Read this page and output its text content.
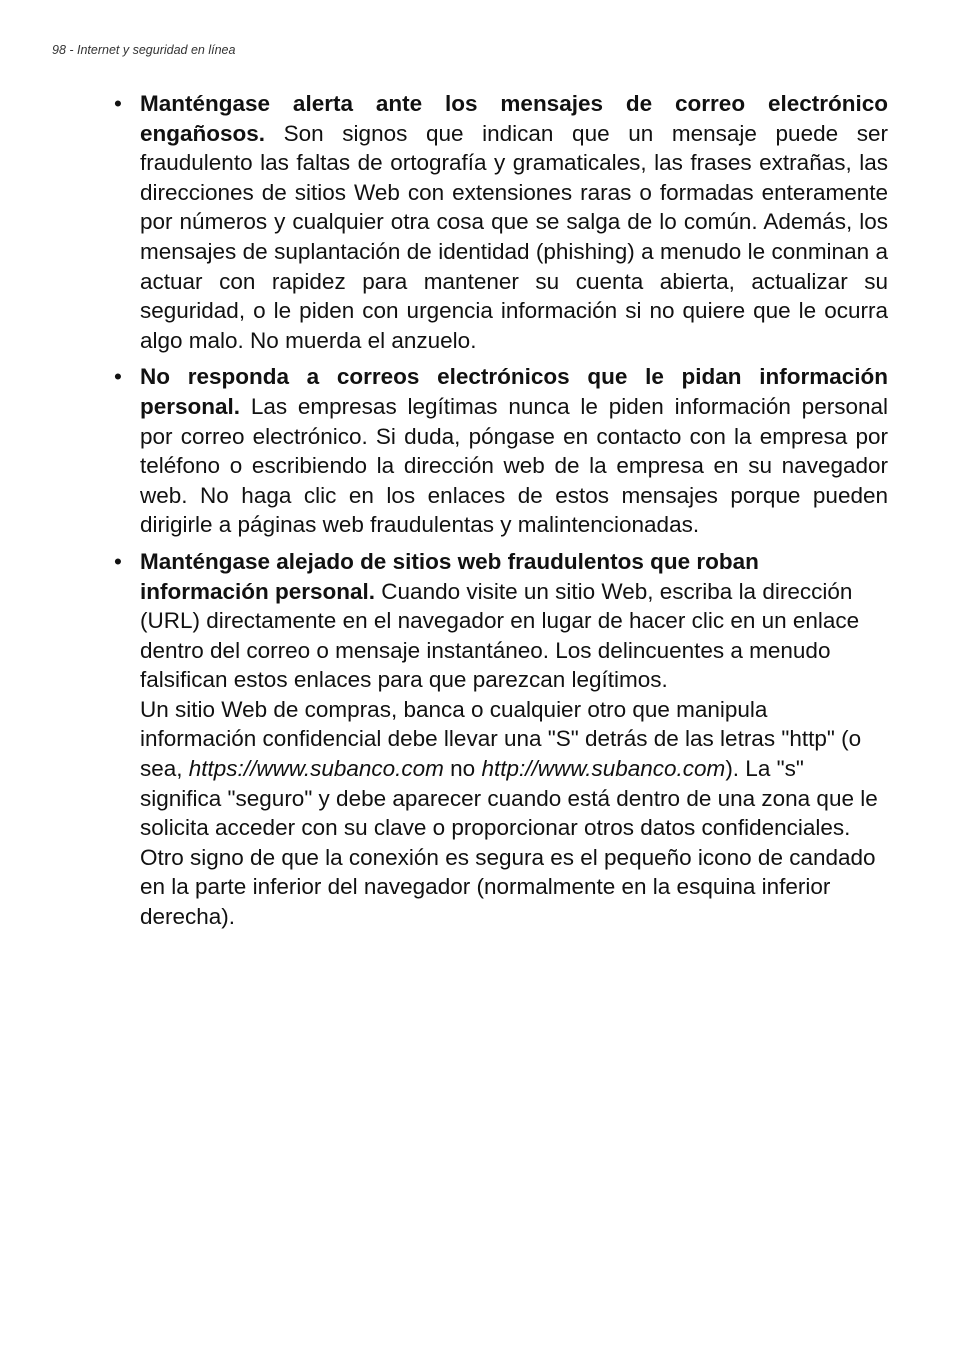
98 - Internet y seguridad en línea
• Manténgase alerta ante los mensajes de correo electrónico engañosos. Son signos que indican que un mensaje puede ser fraudulento las faltas de ortografía y gramaticales, las frases extrañas, las direcciones de sitios Web con extensiones raras o formadas enteramente por números y cualquier otra cosa que se salga de lo común. Además, los mensajes de suplantación de identidad (phishing) a menudo le conminan a actuar con rapidez para mantener su cuenta abierta, actualizar su seguridad, o le piden con urgencia información si no quiere que le ocurra algo malo. No muerda el anzuelo.
• No responda a correos electrónicos que le pidan información personal. Las empresas legítimas nunca le piden información personal por correo electrónico. Si duda, póngase en contacto con la empresa por teléfono o escribiendo la dirección web de la empresa en su navegador web. No haga clic en los enlaces de estos mensajes porque pueden dirigirle a páginas web fraudulentas y malintencionadas.
• Manténgase alejado de sitios web fraudulentos que roban información personal. Cuando visite un sitio Web, escriba la dirección (URL) directamente en el navegador en lugar de hacer clic en un enlace dentro del correo o mensaje instantáneo. Los delincuentes a menudo falsifican estos enlaces para que parezcan legítimos.
Un sitio Web de compras, banca o cualquier otro que manipula información confidencial debe llevar una "S" detrás de las letras "http" (o sea, https://www.subanco.com no http://www.subanco.com). La "s" significa "seguro" y debe aparecer cuando está dentro de una zona que le solicita acceder con su clave o proporcionar otros datos confidenciales. Otro signo de que la conexión es segura es el pequeño icono de candado en la parte inferior del navegador (normalmente en la esquina inferior derecha).
